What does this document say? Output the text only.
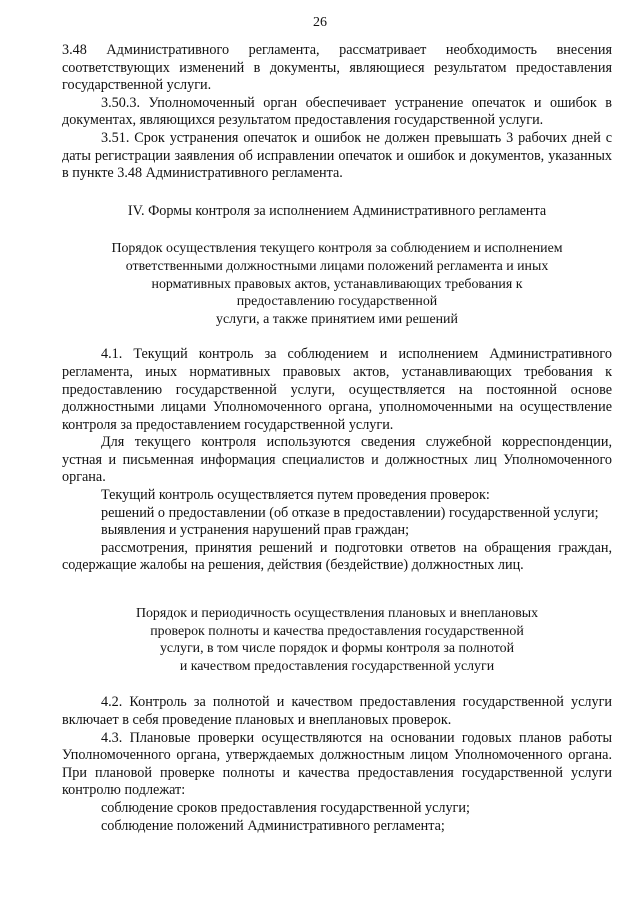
26

3.48 Административного регламента, рассматривает необходимость внесения соответствующих изменений в документы, являющиеся результатом предоставления государственной услуги.

3.50.3. Уполномоченный орган обеспечивает устранение опечаток и ошибок в документах, являющихся результатом предоставления государственной услуги.

3.51. Срок устранения опечаток и ошибок не должен превышать 3 рабочих дней с даты регистрации заявления об исправлении опечаток и ошибок и документов, указанных в пункте 3.48 Административного регламента.

IV. Формы контроля за исполнением Административного регламента

Порядок осуществления текущего контроля за соблюдением и исполнением
ответственными должностными лицами положений регламента и иных
нормативных правовых актов, устанавливающих требования к
предоставлению государственной
услуги, а также принятием ими решений

4.1. Текущий контроль за соблюдением и исполнением Административного регламента, иных нормативных правовых актов, устанавливающих требования к предоставлению государственной услуги, осуществляется на постоянной основе должностными лицами Уполномоченного органа, уполномоченными на осуществление контроля за предоставлением государственной услуги.

Для текущего контроля используются сведения служебной корреспонденции, устная и письменная информация специалистов и должностных лиц Уполномоченного органа.

Текущий контроль осуществляется путем проведения проверок:

решений о предоставлении (об отказе в предоставлении) государственной услуги;

выявления и устранения нарушений прав граждан;

рассмотрения, принятия решений и подготовки ответов на обращения граждан, содержащие жалобы на решения, действия (бездействие) должностных лиц.

Порядок и периодичность осуществления плановых и внеплановых
проверок полноты и качества предоставления государственной
услуги, в том числе порядок и формы контроля за полнотой
и качеством предоставления государственной услуги

4.2. Контроль за полнотой и качеством предоставления государственной услуги включает в себя проведение плановых и внеплановых проверок.

4.3. Плановые проверки осуществляются на основании годовых планов работы Уполномоченного органа, утверждаемых должностным лицом Уполномоченного органа. При плановой проверке полноты и качества предоставления государственной услуги контролю подлежат:

соблюдение сроков предоставления государственной услуги;

соблюдение положений Административного регламента;
